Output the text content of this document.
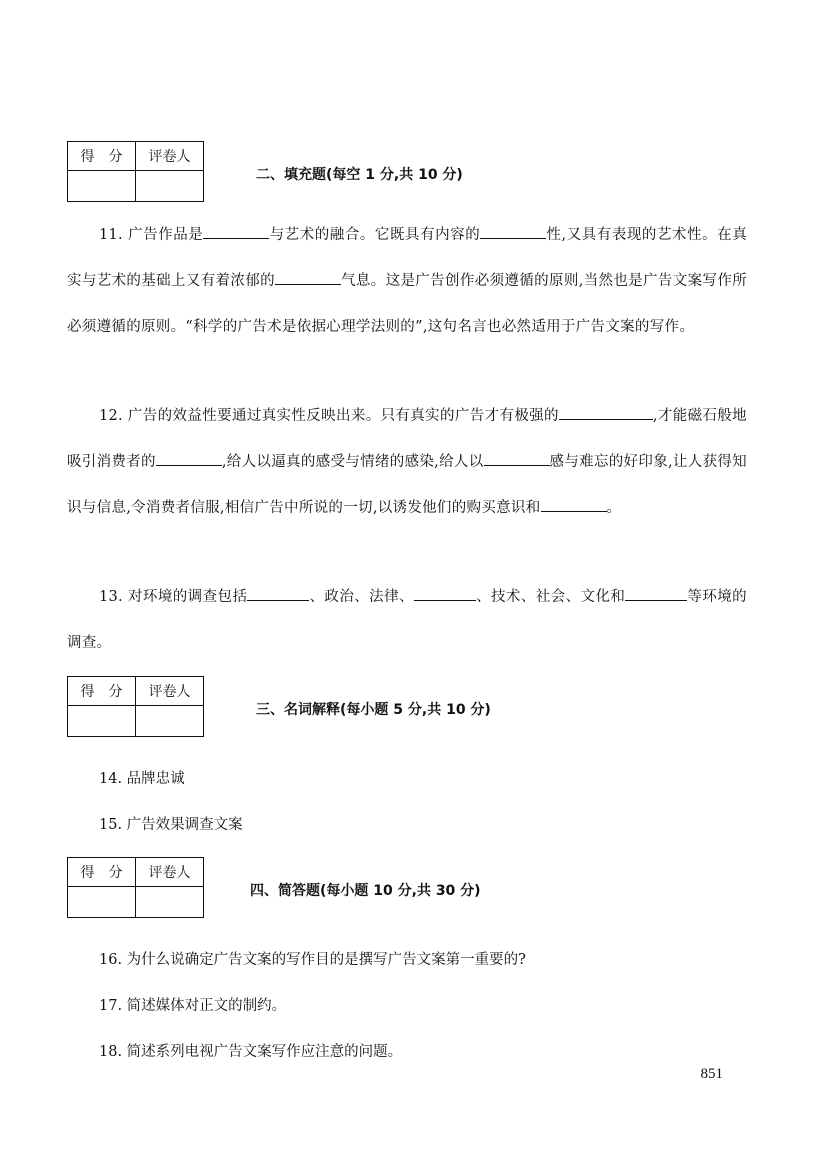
得　分	评卷人

二、填充题(每空 1 分,共 10 分)
11. 广告作品是	与艺术的融合。它既具有内容的	性,又具有表现的艺术性。在真实与艺术的基础上又有着浓郁的	气息。这是广告创作必须遵循的原则,当然也是广告文案写作所必须遵循的原则。“科学的广告术是依据心理学法则的”,这句名言也必然适用于广告文案的写作。
12. 广告的效益性要通过真实性反映出来。只有真实的广告才有极强的	,才能磁石般地吸引消费者的	,给人以逼真的感受与情绪的感染,给人以	感与难忘的好印象,让人获得知识与信息,令消费者信服,相信广告中所说的一切,以诱发他们的购买意识和	。
13. 对环境的调查包括	、政治、法律、	、技术、社会、文化和	等环境的调查。
得　分	评卷人

三、名词解释(每小题 5 分,共 10 分)
14. 品牌忠诚
15. 广告效果调查文案
得　分	评卷人

四、简答题(每小题 10 分,共 30 分)
16. 为什么说确定广告文案的写作目的是撰写广告文案第一重要的?
17. 简述媒体对正文的制约。
18. 简述系列电视广告文案写作应注意的问题。
851
